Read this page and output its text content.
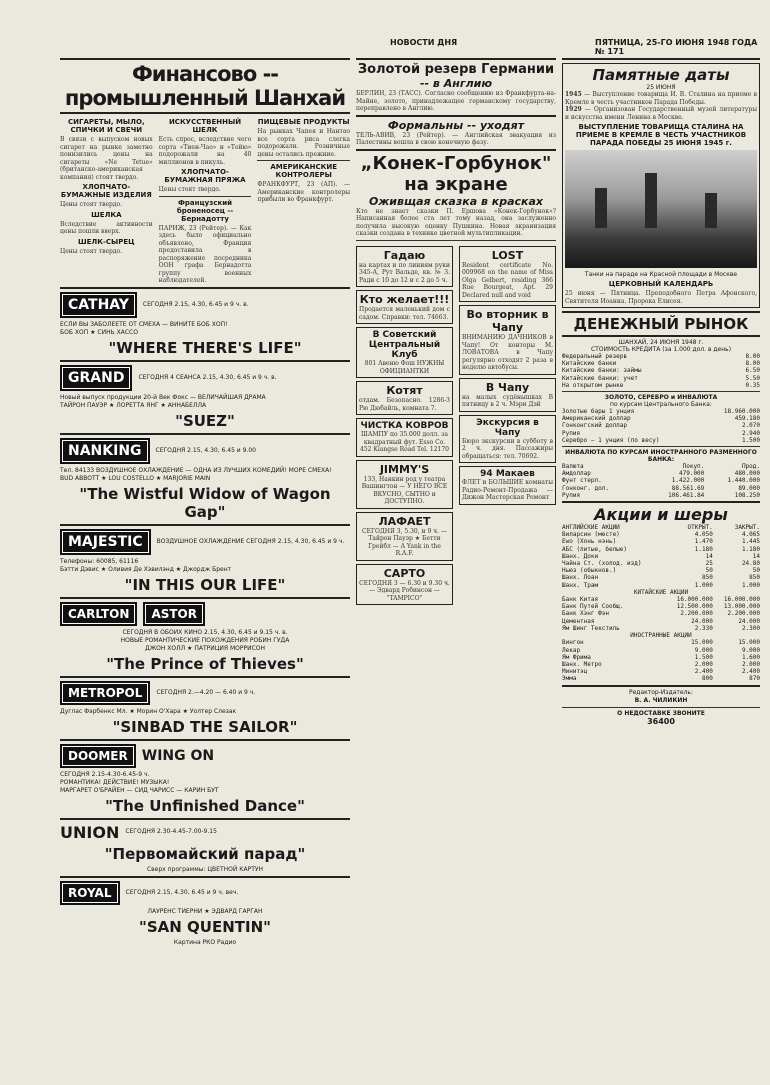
НОВОСТИ ДНЯ	ПЯТНИЦА, 25-ГО ИЮНЯ 1948 ГОДА № 171
Финансово -- промышленный Шанхай
СИГАРЕТЫ, МЫЛО, СПИЧКИ И СВЕЧИ
В связи с выпуском новых сигарет на рынке заметно понизились цены на сигареты «Ne Tetue» (британско-американская компания) стоят твердо.
ХЛОПЧАТО-БУМАЖНЫЕ ИЗДЕЛИЯ
Цены стоят твердо.
ШЕЛКА
Вследствие активности цены пошли вверх.
ШЕЛК-СЫРЕЦ
Цены стоят твердо.
ИСКУССТВЕННЫЙ ШЕЛК
Есть спрос, вследствие чего сорта «Тиен-Чао» и «Тойю» подорожали на 40 миллионов в пикуль.
ХЛОПЧАТО-БУМАЖНАЯ ПРЯЖА
Цены стоят твердо.
Французский броненосец -- Бернадотту
ПАРИЖ, 23 (Рейтер). — Как здесь было официально объявлено, Франция предоставила в распоряжение посредника ООН графа Бернадотта группу военных наблюдателей.
ПИЩЕВЫЕ ПРОДУКТЫ
На рынках Чапея и Нантао все сорта риса слегка подорожали. Розничные цены остались прежние.
АМЕРИКАНСКИЕ КОНТРОЛЕРЫ
ФРАНКФУРТ, 23 (АП). — Американские контролеры прибыли во Франкфурт.
CATHAY	СЕГОДНЯ 2.15, 4.30, 6.45 и 9 ч. в.
ЕСЛИ ВЫ ЗАБОЛЕЕТЕ ОТ СМЕХА — ВИНИТЕ БОБ ХОП!
БОБ ХОП ★ СИНЬ ХАССО
"WHERE THERE'S LIFE"
GRAND	СЕГОДНЯ 4 СЕАНСА 2.15, 4.30, 6.45 и 9 ч. в.
Новый выпуск продукции 20-й Век Фокс — ВЕЛИЧАЙШАЯ ДРАМА
ТАЙРОН ПАУЭР ★ ЛОРЕТТА ЯНГ ★ АННАБЕЛЛА
"SUEZ"
NANKING	СЕГОДНЯ 2.15, 4.30, 6.45 и 9.00
Тел. 84133 ВОЗДУШНОЕ ОХЛАЖДЕНИЕ — ОДНА ИЗ ЛУЧШИХ КОМЕДИЙ! МОРЕ СМЕХА!
BUD ABBOTT ★ LOU COSTELLO ★ MARJORIE MAIN
"The Wistful Widow of Wagon Gap"
MAJESTIC	ВОЗДУШНОЕ ОХЛАЖДЕНИЕ СЕГОДНЯ 2.15, 4.30, 6.45 и 9 ч.
Телефоны: 60085, 61116
Бэтти Дэвис ★ Оливия Де Хэвилэнд ★ Джордж Брент
"IN THIS OUR LIFE"
CARLTON	ASTOR
СЕГОДНЯ В ОБОИХ КИНО 2.15, 4.30, 6.45 и 9.15 ч. в.
НОВЫЕ РОМАНТИЧЕСКИЕ ПОХОЖДЕНИЯ РОБИН ГУДА
ДЖОН ХОЛЛ ★ ПАТРИЦИЯ МОРРИСОН
"The Prince of Thieves"
METROPOL	СЕГОДНЯ 2.—4.20 — 6.40 и 9 ч.
Дуглас Фэрбенкс Мл. ★ Морин О'Хара ★ Уолтер Слезак
"SINBAD THE SAILOR"
DOOMER	WING ON
СЕГОДНЯ 2.15-4.30-6.45-9 ч.
РОМАНТИКА! ДЕЙСТВИЕ! МУЗЫКА!
МАРГАРЕТ О'БРАЙЕН — СИД ЧАРИСС — КАРИН БУТ
"The Unfinished Dance"
UNION СЕГОДНЯ 2.30-4.45-7.00-9.15
"Первомайский парад"
Сверх программы: ЦВЕТНОЙ КАРТУН
ROYAL	СЕГОДНЯ 2.15, 4.30, 6.45 и 9 ч. веч.
ЛАУРЕНС ТИЕРНИ ★ ЭДВАРД ГАРГАН
"SAN QUENTIN"
Картина РКО Радио
Золотой резерв Германии
-- в Англию
БЕРЛИН, 23 (ТАСС). Согласно сообщению из Франкфурта-на-Майне, золото, принадлежащее германскому государству, переправлено в Англию.
Формальны -- уходят
ТЕЛЬ-АВИВ, 23 (Рейтер). — Английская эвакуация из Палестины вошла в свою конечную фазу.
„Конек-Горбунок" на экране
Оживщая сказка в красках
Кто не знает сказки П. Ершова «Конек-Горбунок»? Написанная более ста лет тому назад, она заслуженно получила высокую оценку Пушкина. Новая экранизация сказки создана в технике цветной мультипликации.
Гадаю
на картах и по линиям руки 345-А, Рут Вальде, кв. № 3. Ради с 10 до 12 и с 2 до 5 ч.
Кто желает!!!
Продается маленький дом с садом. Справки: тел. 74663.
В Советский Центральный Клуб
801 Авеню Фош НУЖНЫ ОФИЦИАНТКИ
Котят
отдам. Безопасно. 1286-3 Рю Дюбайль, комната 7.
ЧИСТКА КОВРОВ
ШАМПУ по 35.000 долл. за квадратный фут. Esso Co. 452 Kiangse Road Tel. 12170
JIMMY'S
133, Нанкин род у театра Вашингтон — У НЕГО ВСЕ ВКУСНО, СЫТНО и ДОСТУПНО.
ЛАФАЕТ
СЕГОДНЯ 3, 5.30, и 9 ч. — Тайрон Пауэр ★ Бетти Грейбл — A Yank in the R.A.F.
САРТО
СЕГОДНЯ 3 — 6.30 и 9.30 ч. — Эдвард Робинсон — "TAMPICO"
LOST
Resident certificate No. 009968 on the name of Miss Olga Gelbert, residing 366 Rue Bourgeat, Apt. 29 Declared null and void
Во вторник в Чапу
ВНИМАНИЮ ДАЧНИКОВ в Чапу! От конторы М. ЛОВАТОВА в Чапу регулярно отходят 2 раза в неделю автобусы.
В Чапу
на малых судёнышках В пятницу в 2 ч. Мэри Дэй
Экскурсия в Чапу
Бюро экскурсии в субботу в 2 ч. дня. Пассажиры обращаться: тел. 70692.
94 Макаев
ФЛЕТ и БОЛЬШИЕ комнаты Радио-Ремонт-Продажа — Дижон Мастерская Ремонт
Памятные даты
25 ИЮНЯ
1945 — Выступление товарища И. В. Сталина на приеме в Кремле в честь участников Парада Победы.
1929 — Организован Государственный музей литературы и искусства имени Ленина в Москве.
ВЫСТУПЛЕНИЕ ТОВАРИЩА СТАЛИНА НА ПРИЕМЕ В КРЕМЛЕ В ЧЕСТЬ УЧАСТНИКОВ ПАРАДА ПОБЕДЫ 25 ИЮНЯ 1945 г.
Танки на параде на Красной площади в Москве
ЦЕРКОВНЫЙ КАЛЕНДАРЬ
25 июня — Пятница. Преподобного Петра Афонского, Святителя Иоанна. Пророка Елисея.
ДЕНЕЖНЫЙ РЫНОК
ШАНХАЙ, 24 ИЮНЯ 1948 г.
СТОИМОСТЬ КРЕДИТА (за 1.000 дол. в день)
Федеральный резерв	8.00
Китайские банки	8.00
Китайские банки: займы	6.50
Китайские банки: учет	5.50
На открытом рынке	0.35
ЗОЛОТО, СЕРЕБРО и ИНВАЛЮТА
по курсам Центрального Банка:
Золотые бары 1 унция	18.960.000
Американский доллар	459.180
Гонконгский доллар	2.070
Рупия	2.940
Серебро — 1 унция (по весу)	1.500
ИНВАЛЮТА ПО КУРСАМ ИНОСТРАННОГО РАЗМЕННОГО БАНКА:
Валюта	Покуп.	Прод.
Амдоллар	479.000	480.000
Фунт стерл.	1.422.000	1.440.000
Гонконг. дол.	88.561.69	89.000
Рупия	106.461.84	108.250
Акции и шеры
АНГЛИЙСКИЕ АКЦИИ	ОТКРЫТ.	ЗАКРЫТ.
Виларсин (месте)	4.050	4.065
Ewo (Хонь нэнь)	1.470	1.445
АБС (литые, белые)	1.180	1.180
Шанх. Доки	14	14
Чайна Ст. (холод. изд)	25	24.80
Ньюз (обыкнов.)	50	50
Шанх. Лоан	850	850
Шанх. Трам	1.000	1.000
КИТАЙСКИЕ АКЦИИ		
Банк Китая	16.000.000	16.000.000
Банк Путей Сообщ.	12.500.000	13.000.000
Банк Хэнг Фэн	2.200.000	2.200.000
Цементная	24.000	24.000
Ям Шинг Текстиль	2.330	2.300
ИНОСТРАННЫЕ АКЦИИ		
Вингон	15.000	15.000
Лекар	9.000	9.000
Ям Фрима	1.500	1.600
Шанх. Метро	2.000	2.000
Минитэц	2.400	2.400
Эмма	800	870
Редактор-Издатель:
В. А. ЧИЛИКИН
О НЕДОСТАВКЕ ЗВОНИТЕ
36400
